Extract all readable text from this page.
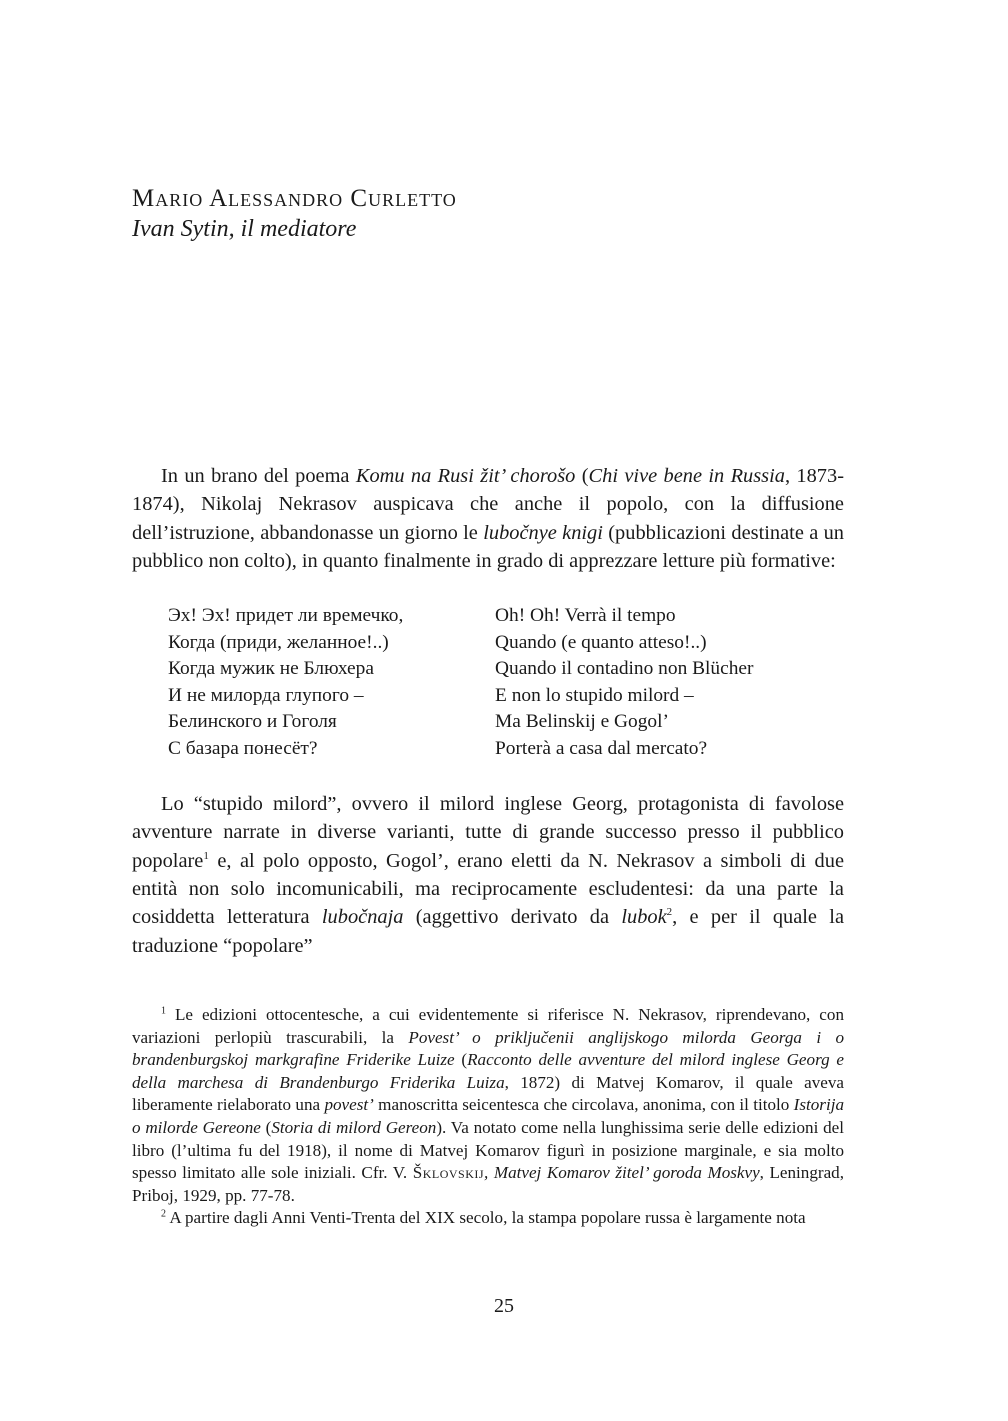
Mario Alessandro Curletto

Ivan Sytin, il mediatore

In un brano del poema Komu na Rusi žit’ chorošo (Chi vive bene in Russia, 1873-1874), Nikolaj Nekrasov auspicava che anche il popolo, con la diffusione dell’istruzione, abbandonasse un giorno le lubočnye knigi (pubblicazioni destinate a un pubblico non colto), in quanto finalmente in grado di apprezzare letture più formative:

Эх! Эх! придет ли времечко,
Когда (приди, желанное!..)
Когда мужик не Блюхера
И не милорда глупого –
Белинского и Гоголя
С базара понесёт?
Oh! Oh! Verrà il tempo
Quando (e quanto atteso!..)
Quando il contadino non Blücher
E non lo stupido milord –
Ma Belinskij e Gogol’
Porterà a casa dal mercato?

Lo “stupido milord”, ovvero il milord inglese Georg, protagonista di favolose avventure narrate in diverse varianti, tutte di grande successo presso il pubblico popolare$^1$ e, al polo opposto, Gogol’, erano eletti da N. Nekrasov a simboli di due entità non solo incomunicabili, ma reciprocamente escludentesi: da una parte la cosiddetta letteratura lubočnaja (aggettivo derivato da lubok$^2$, e per il quale la traduzione “popolare”

$^1$ Le edizioni ottocentesche, a cui evidentemente si riferisce N. Nekrasov, riprendevano, con variazioni perlopiù trascurabili, la Povest’ o priključenii anglijskogo milorda Georga i o brandenburgskoj markgrafine Friderike Luize (Racconto delle avventure del milord inglese Georg e della marchesa di Brandenburgo Friderika Luiza, 1872) di Matvej Komarov, il quale aveva liberamente rielaborato una povest’ manoscritta seicentesca che circolava, anonima, con il titolo Istorija o milorde Gereone (Storia di milord Gereon). Va notato come nella lunghissima serie delle edizioni del libro (l’ultima fu del 1918), il nome di Matvej Komarov figurì in posizione marginale, e sia molto spesso limitato alle sole iniziali. Cfr. V. Šklovskij, Matvej Komarov žitel’ goroda Moskvy, Leningrad, Priboj, 1929, pp. 77-78.

$^2$ A partire dagli Anni Venti-Trenta del XIX secolo, la stampa popolare russa è largamente nota

25
